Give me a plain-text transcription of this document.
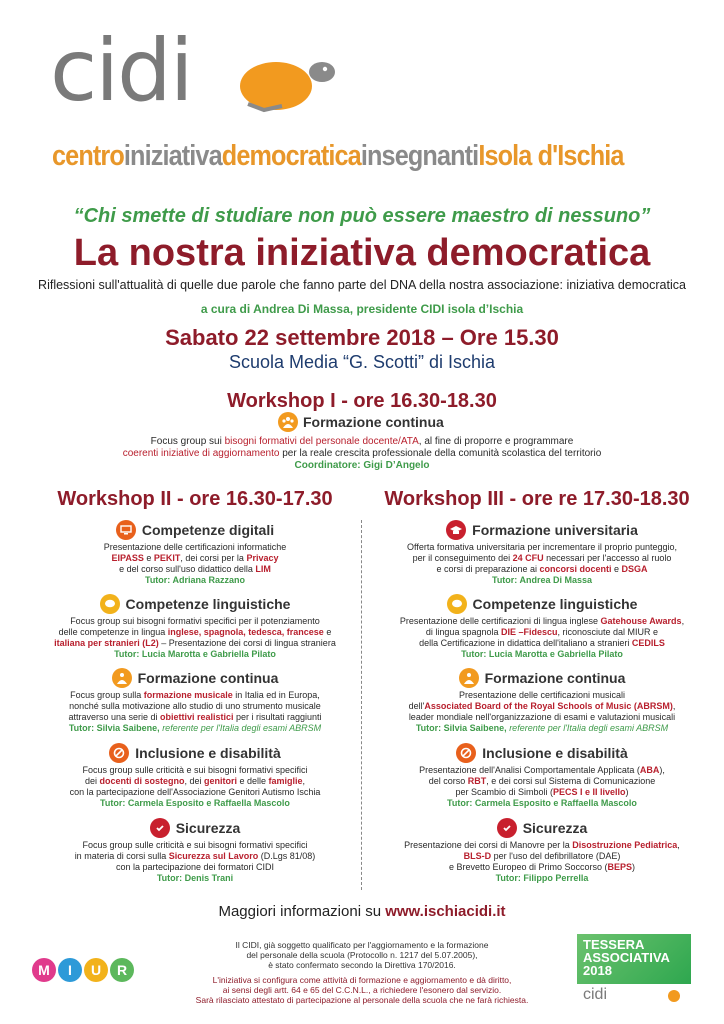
cidi
centroiniziativademocraticainsegnantiIsola d'Ischia
“Chi smette di studiare non può essere maestro di nessuno”
La nostra iniziativa democratica
Riflessioni sull'attualità di quelle due parole che fanno parte del DNA della nostra associazione: iniziativa democratica
a cura di Andrea Di Massa, presidente CIDI isola d’Ischia
Sabato 22 settembre 2018 – Ore 15.30
Scuola Media “G. Scotti” di Ischia
Workshop I - ore 16.30-18.30
Formazione continua
Focus group sui bisogni formativi del personale docente/ATA, al fine di proporre e programmare
coerenti iniziative di aggiornamento per la reale crescita professionale della comunità scolastica del territorio
Coordinatore: Gigi D’Angelo
Workshop II - ore 16.30-17.30	Workshop III - ore re 17.30-18.30
Competenze digitali
Presentazione delle certificazioni informatiche
EIPASS e PEKIT, dei corsi per la Privacy
e del corso sull'uso didattico della LIM
Tutor: Adriana Razzano
Competenze linguistiche
Focus group sui bisogni formativi specifici per il potenziamento
delle competenze in lingua inglese, spagnola, tedesca, francese e
italiana per stranieri (L2) – Presentazione dei corsi di lingua straniera
Tutor: Lucia Marotta e Gabriella Pilato
Formazione continua
Focus group sulla formazione musicale in Italia ed in Europa,
nonché sulla motivazione allo studio di uno strumento musicale
attraverso una serie di obiettivi realistici per i risultati raggiunti
Tutor: Silvia Saibene, referente per l'Italia degli esami ABRSM
Inclusione e disabilità
Focus group sulle criticità e sui bisogni formativi specifici
dei docenti di sostegno, dei genitori e delle famiglie,
con la partecipazione dell'Associazione Genitori Autismo Ischia
Tutor: Carmela Esposito e Raffaella Mascolo
Sicurezza
Focus group sulle criticità e sui bisogni formativi specifici
in materia di corsi sulla Sicurezza sul Lavoro (D.Lgs 81/08)
con la partecipazione dei formatori CIDI
Tutor: Denis Trani
Formazione universitaria
Offerta formativa universitaria per incrementare il proprio punteggio,
per il conseguimento dei 24 CFU necessari per l'accesso al ruolo
e corsi di preparazione ai concorsi docenti e DSGA
Tutor: Andrea Di Massa
Competenze linguistiche
Presentazione delle certificazioni di lingua inglese Gatehouse Awards,
di lingua spagnola DIE –Fidescu, riconosciute dal MIUR e
della Certificazione in didattica dell'italiano a stranieri CEDILS
Tutor: Lucia Marotta e Gabriella Pilato
Formazione continua
Presentazione delle certificazioni musicali
dell'Associated Board of the Royal Schools of Music (ABRSM),
leader mondiale nell'organizzazione di esami e valutazioni musicali
Tutor: Silvia Saibene, referente per l'Italia degli esami ABRSM
Inclusione e disabilità
Presentazione dell'Analisi Comportamentale Applicata (ABA),
del corso RBT, e dei corsi sul Sistema di Comunicazione
per Scambio di Simboli (PECS I e II livello)
Tutor: Carmela Esposito e Raffaella Mascolo
Sicurezza
Presentazione dei corsi di Manovre per la Disostruzione Pediatrica,
BLS-D per l'uso del defibrillatore (DAE)
e Brevetto Europeo di Primo Soccorso (BEPS)
Tutor: Filippo Perrella
Maggiori informazioni su www.ischiacidi.it
Il CIDI, già soggetto qualificato per l'aggiornamento e la formazione
del personale della scuola (Protocollo n. 1217 del 5.07.2005),
è stato confermato secondo la Direttiva 170/2016.
L'iniziativa si configura come attività di formazione e aggiornamento e dà diritto,
ai sensi degli artt. 64 e 65 del C.C.N.L., a richiedere l'esonero dal servizio.
Sarà rilasciato attestato di partecipazione al personale della scuola che ne farà richiesta.
M	I	U	R
TESSERA
ASSOCIATIVA
2018
cidi
